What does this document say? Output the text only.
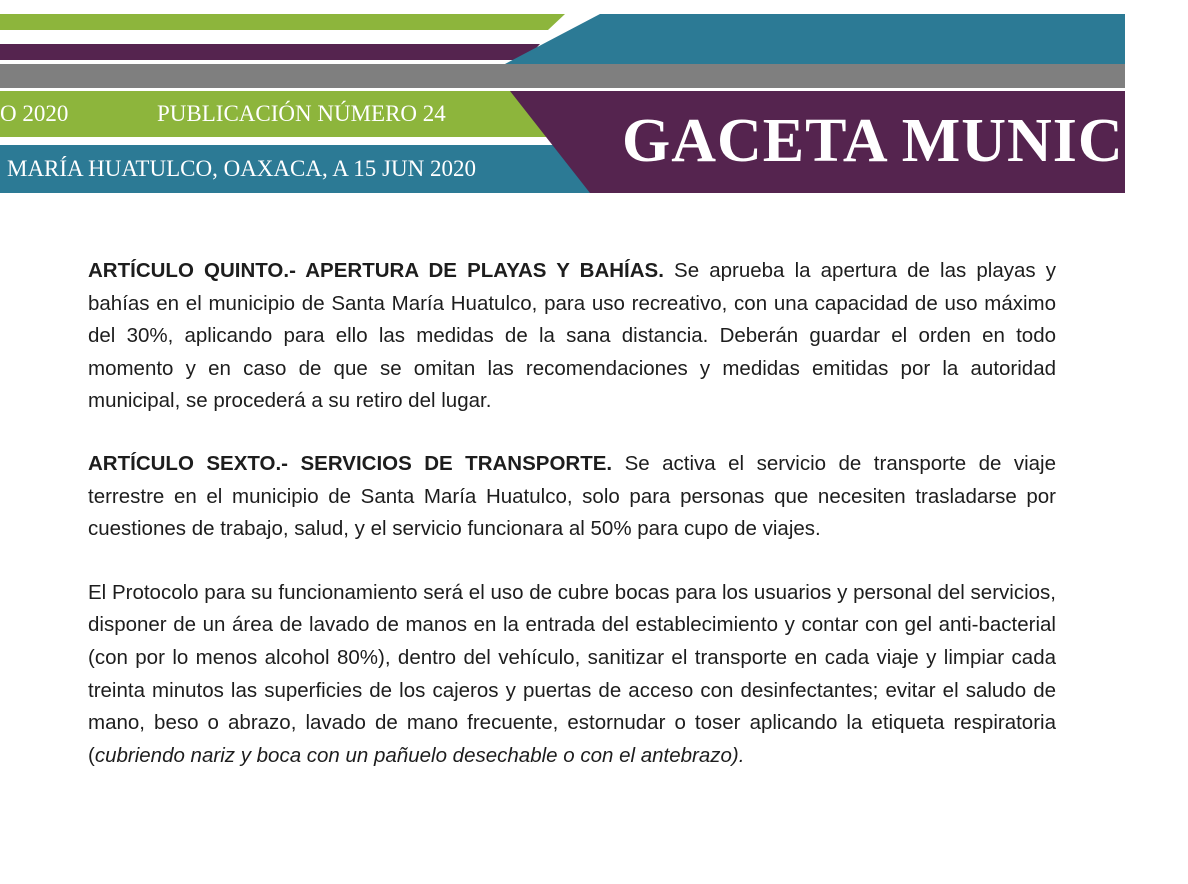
O 2020	PUBLICACIÓN NÚMERO 24
MARÍA HUATULCO, OAXACA, A 15 JUN 2020 GACETA MUNICIP

ARTÍCULO QUINTO.- APERTURA DE PLAYAS Y BAHÍAS. Se aprueba la apertura de las playas y bahías en el municipio de Santa María Huatulco, para uso recreativo, con una capacidad de uso máximo del 30%, aplicando para ello las medidas de la sana distancia. Deberán guardar el orden en todo momento y en caso de que se omitan las recomendaciones y medidas emitidas por la autoridad municipal, se procederá a su retiro del lugar.

ARTÍCULO SEXTO.- SERVICIOS DE TRANSPORTE. Se activa el servicio de transporte de viaje terrestre en el municipio de Santa María Huatulco, solo para personas que necesiten trasladarse por cuestiones de trabajo, salud, y el servicio funcionara al 50% para cupo de viajes.

El Protocolo para su funcionamiento será el uso de cubre bocas para los usuarios y personal del servicios, disponer de un área de lavado de manos en la entrada del establecimiento y contar con gel anti-bacterial (con por lo menos alcohol 80%), dentro del vehículo, sanitizar el transporte en cada viaje y limpiar cada treinta minutos las superficies de los cajeros y puertas de acceso con desinfectantes; evitar el saludo de mano, beso o abrazo, lavado de mano frecuente, estornudar o toser aplicando la etiqueta respiratoria (cubriendo nariz y boca con un pañuelo desechable o con el antebrazo).
